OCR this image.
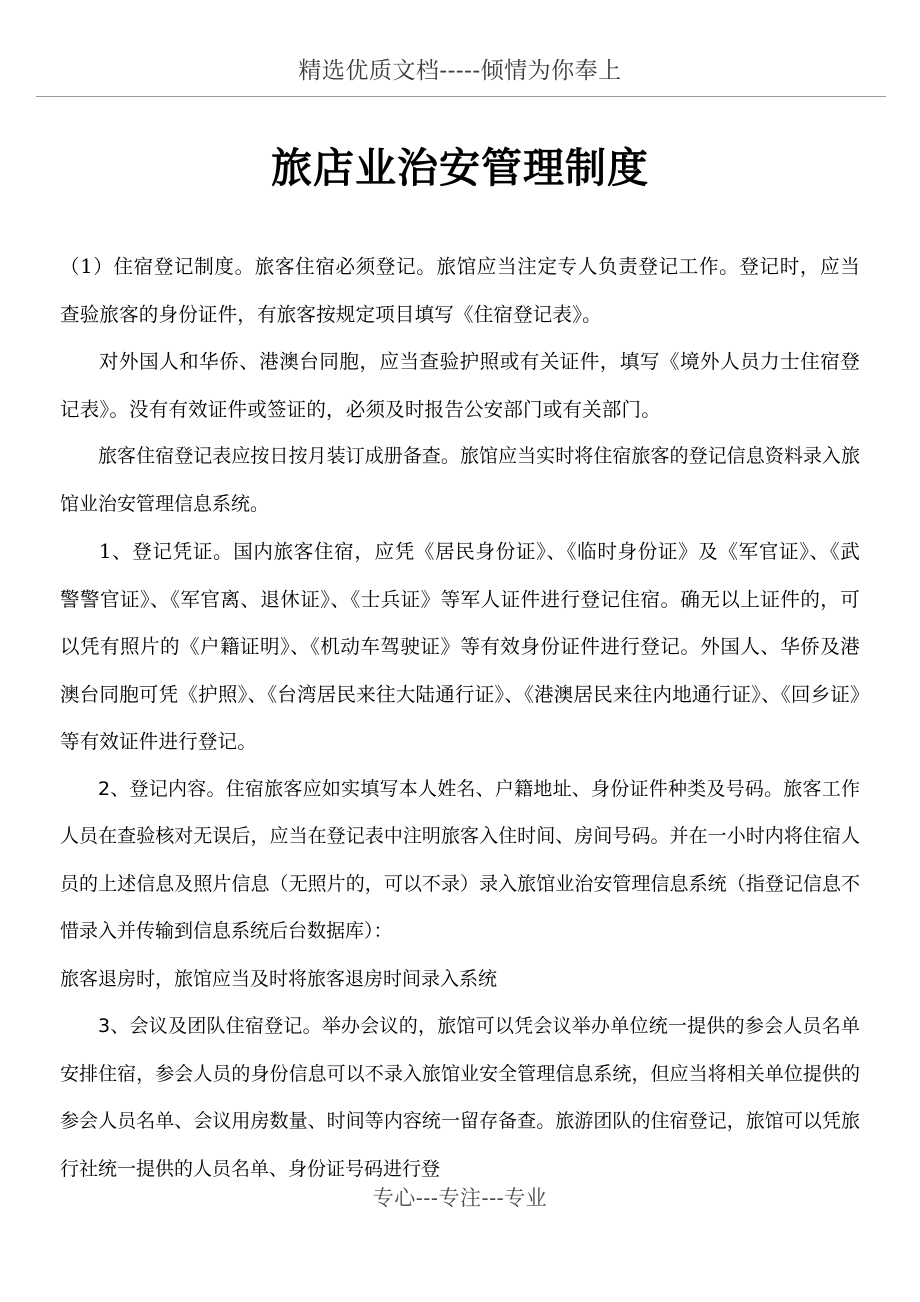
精选优质文档-----倾情为你奉上
旅店业治安管理制度

（1）住宿登记制度。旅客住宿必须登记。旅馆应当注定专人负责登记工作。登记时，应当查验旅客的身份证件，有旅客按规定项目填写《住宿登记表》。

对外国人和华侨、港澳台同胞，应当查验护照或有关证件，填写《境外人员力士住宿登记表》。没有有效证件或签证的，必须及时报告公安部门或有关部门。

旅客住宿登记表应按日按月装订成册备查。旅馆应当实时将住宿旅客的登记信息资料录入旅馆业治安管理信息系统。

1、登记凭证。国内旅客住宿，应凭《居民身份证》、《临时身份证》及《军官证》、《武警警官证》、《军官离、退休证》、《士兵证》等军人证件进行登记住宿。确无以上证件的，可以凭有照片的《户籍证明》、《机动车驾驶证》等有效身份证件进行登记。外国人、华侨及港澳台同胞可凭《护照》、《台湾居民来往大陆通行证》、《港澳居民来往内地通行证》、《回乡证》等有效证件进行登记。

2、登记内容。住宿旅客应如实填写本人姓名、户籍地址、身份证件种类及号码。旅客工作人员在查验核对无误后，应当在登记表中注明旅客入住时间、房间号码。并在一小时内将住宿人员的上述信息及照片信息（无照片的，可以不录）录入旅馆业治安管理信息系统（指登记信息不惜录入并传输到信息系统后台数据库）：

旅客退房时，旅馆应当及时将旅客退房时间录入系统

3、会议及团队住宿登记。举办会议的，旅馆可以凭会议举办单位统一提供的参会人员名单安排住宿，参会人员的身份信息可以不录入旅馆业安全管理信息系统，但应当将相关单位提供的参会人员名单、会议用房数量、时间等内容统一留存备查。旅游团队的住宿登记，旅馆可以凭旅行社统一提供的人员名单、身份证号码进行登

专心---专注---专业
